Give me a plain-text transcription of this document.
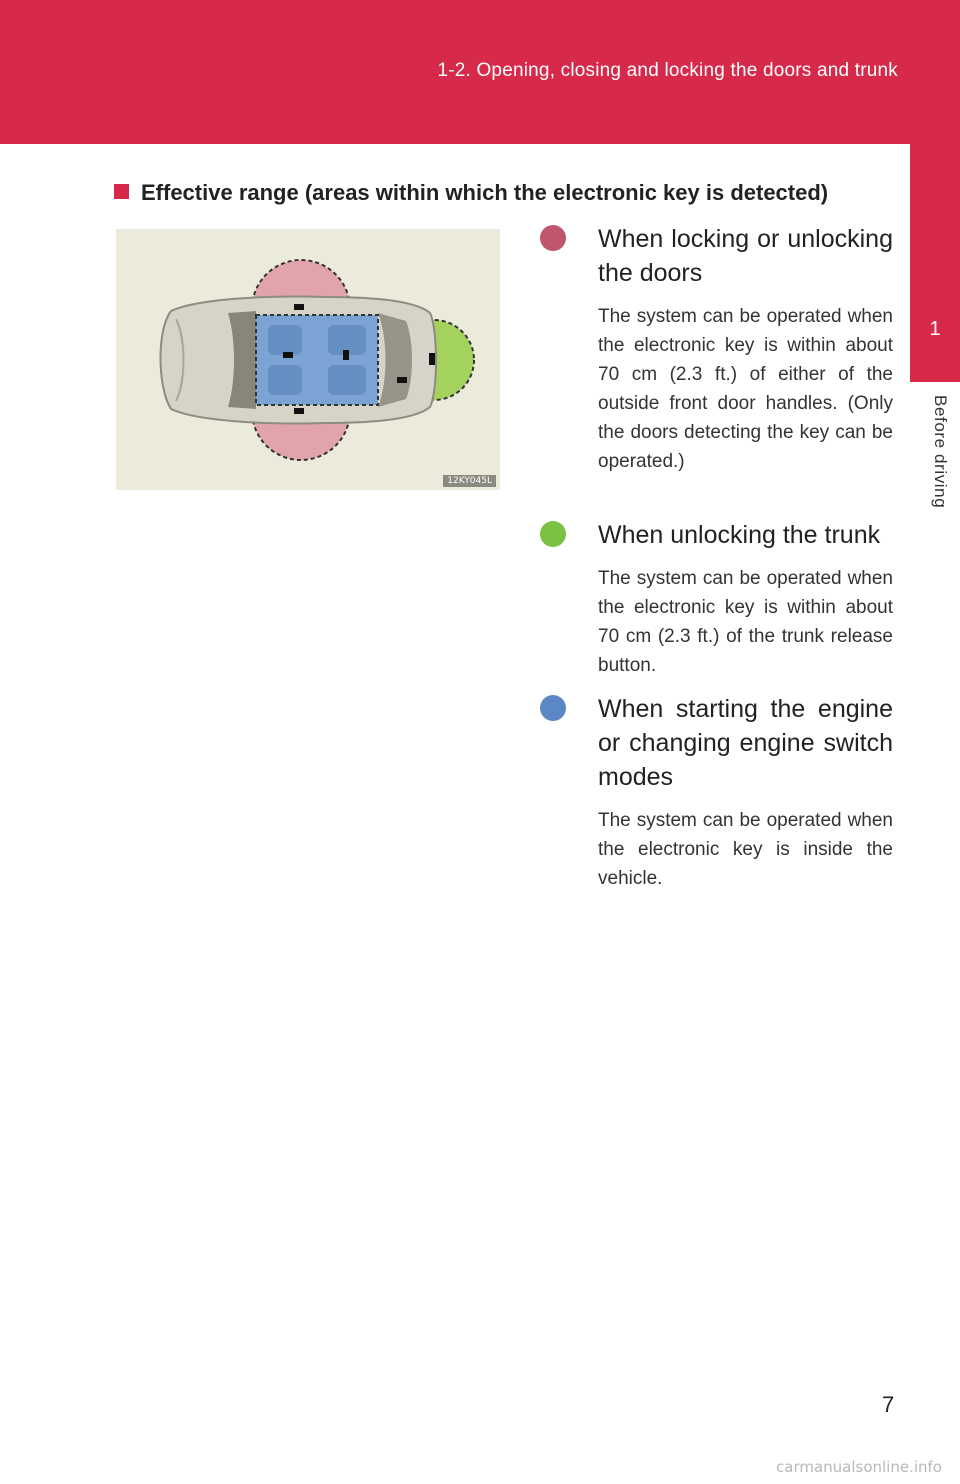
1-2. Opening, closing and locking the doors and trunk
1
Before driving
Effective range (areas within which the electronic key is detected)
12KY045L
When locking or unlocking the doors
The system can be operated when the electronic key is within about 70 cm (2.3 ft.) of either of the outside front door handles. (Only the doors detecting the key can be operated.)
When unlocking the trunk
The system can be operated when the electronic key is within about 70 cm (2.3 ft.) of the trunk release button.
When starting the engine or changing engine switch modes
The system can be operated when the electronic key is inside the vehicle.
7
carmanualsonline.info
